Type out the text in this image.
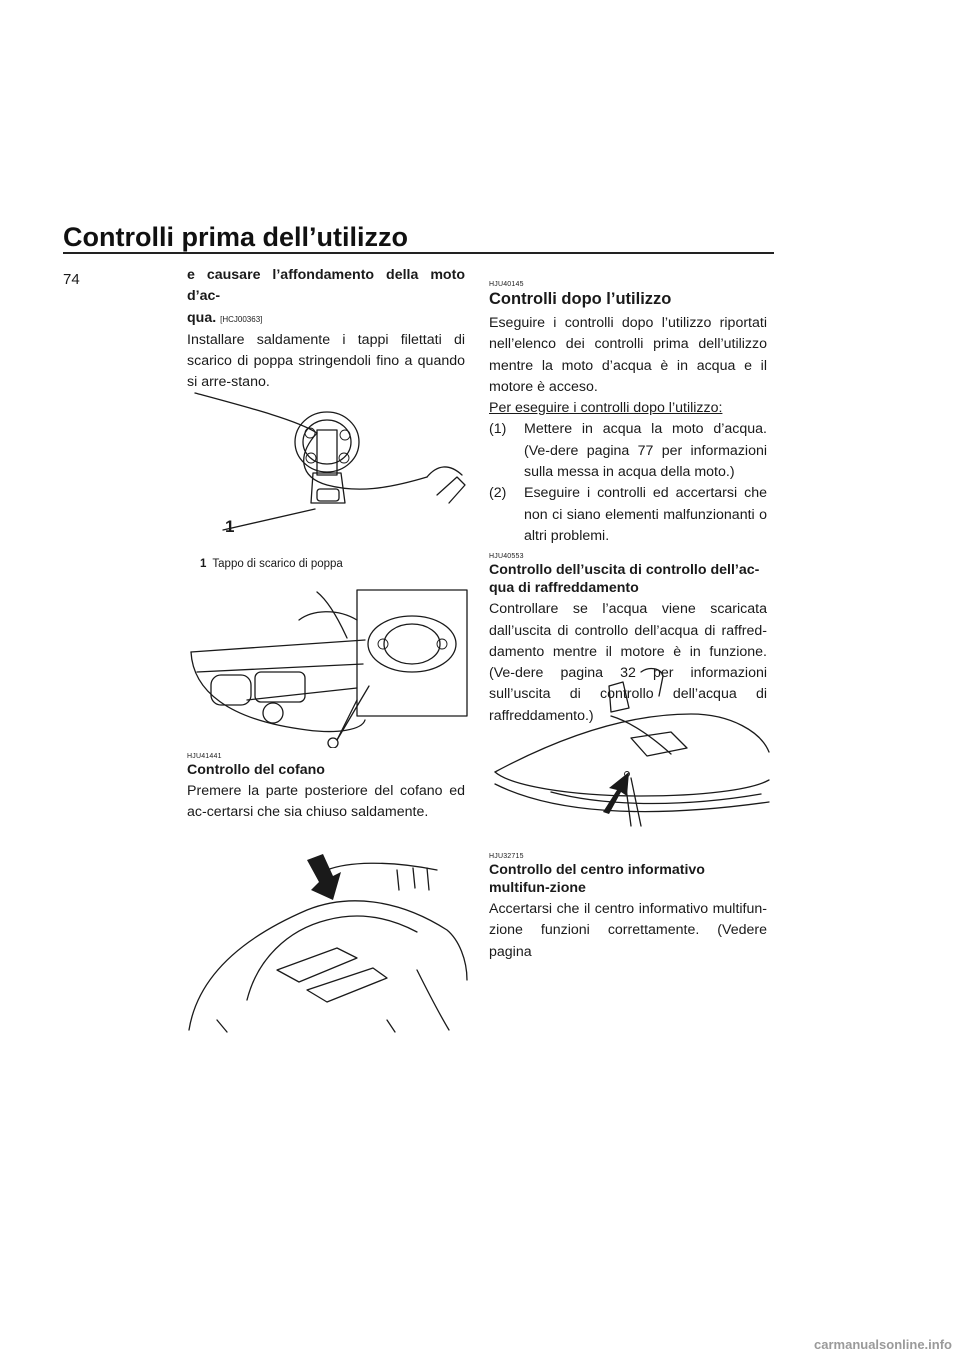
Controlli prima dell’utilizzo
74	e causare l’affondamento della moto d’ac-

qua. [HCJ00363]

Installare saldamente i tappi filettati di scarico di poppa stringendoli fino a quando si arre-stano.

1
1 Tappo di scarico di poppa
HJU41441

Controllo del cofano

Premere la parte posteriore del cofano ed ac-certarsi che sia chiuso saldamente.

HJU40145

Controlli dopo l’utilizzo

Eseguire i controlli dopo l’utilizzo riportati nell’elenco dei controlli prima dell’utilizzo mentre la moto d’acqua è in acqua e il motore è acceso.

Per eseguire i controlli dopo l’utilizzo:

(1)	Mettere in acqua la moto d’acqua. (Ve-dere pagina 77 per informazioni sulla messa in acqua della moto.)
(2)	Eseguire i controlli ed accertarsi che non ci siano elementi malfunzionanti o altri problemi.
HJU40553

Controllo dell’uscita di controllo dell’ac-qua di raffreddamento

Controllare se l’acqua viene scaricata dall’uscita di controllo dell’acqua di raffred-damento mentre il motore è in funzione. (Ve-dere pagina 32 per informazioni sull’uscita di controllo dell’acqua di raffreddamento.)

HJU32715

Controllo del centro informativo multifun-zione

Accertarsi che il centro informativo multifun-zione funzioni correttamente. (Vedere pagina

carmanualsonline.info
